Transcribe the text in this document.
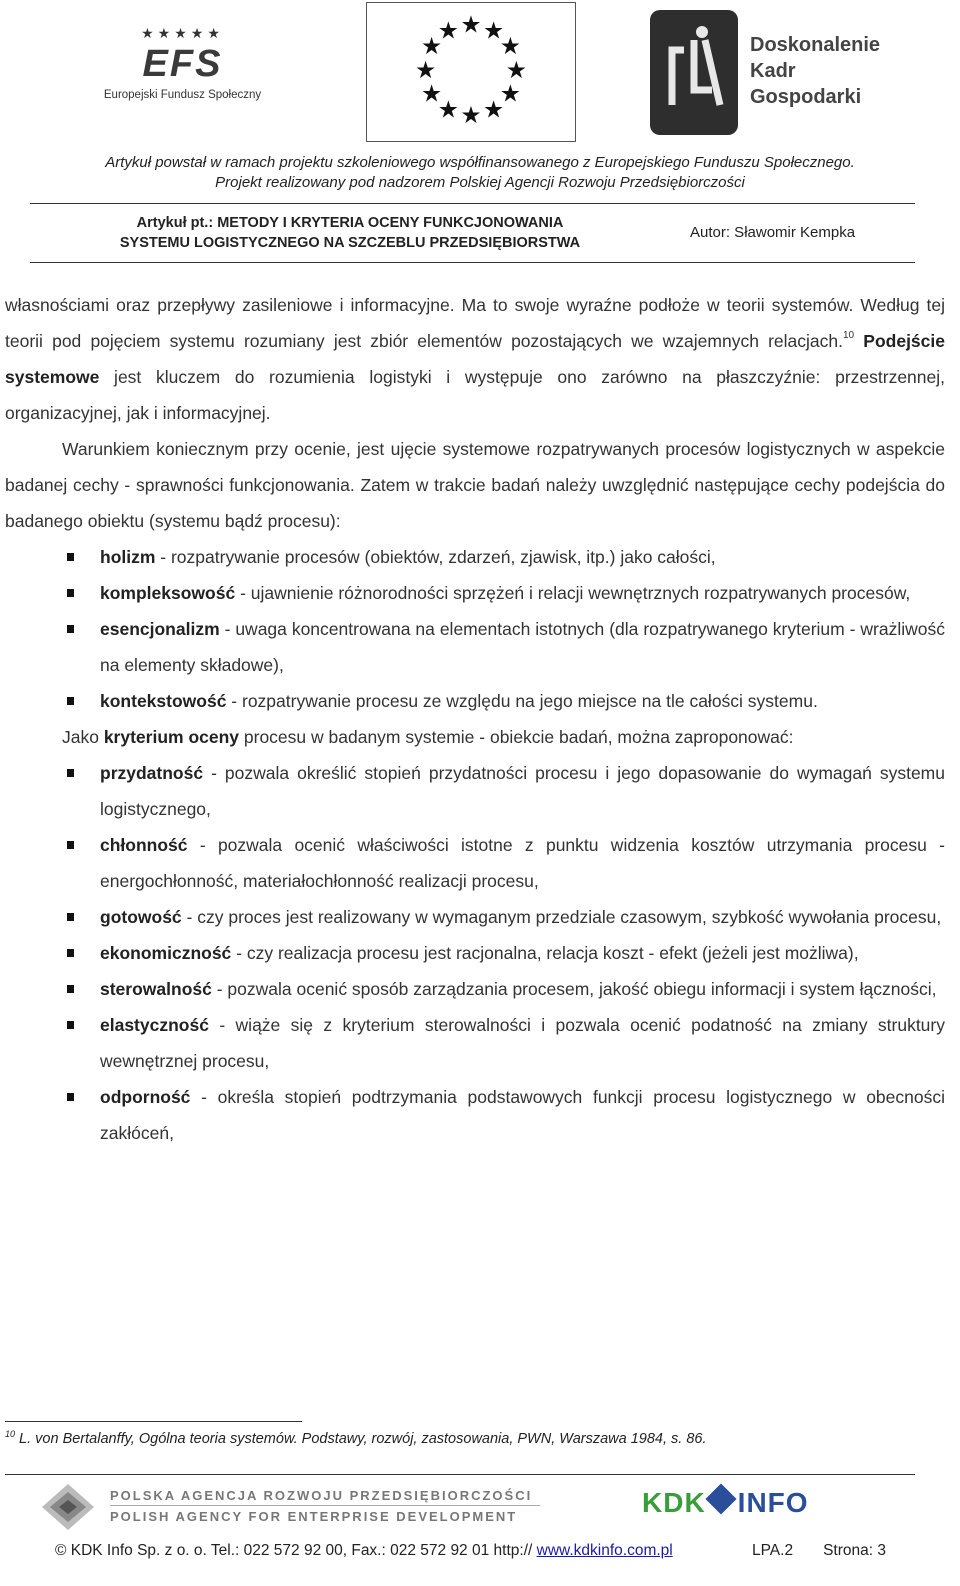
★★★★★
EFS
Europejski Fundusz Społeczny
★ ★
★
★
★
★
★
★
★
★
★
★
Doskonalenie
Kadr
Gospodarki
Artykuł powstał w ramach projektu szkoleniowego współfinansowanego z Europejskiego Funduszu Społecznego.
Projekt realizowany pod nadzorem Polskiej Agencji Rozwoju Przedsiębiorczości
Artykuł pt.: METODY I KRYTERIA OCENY FUNKCJONOWANIA
SYSTEMU LOGISTYCZNEGO NA SZCZEBLU PRZEDSIĘBIORSTWA
Autor: Sławomir Kempka

własnościami oraz przepływy zasileniowe i informacyjne. Ma to swoje wyraźne podłoże w teorii systemów. Według tej teorii pod pojęciem systemu rozumiany jest zbiór elementów pozostających we wzajemnych relacjach.$^{10}$ Podejście systemowe jest kluczem do rozumienia logistyki i występuje ono zarówno na płaszczyźnie: przestrzennej, organizacyjnej, jak i informacyjnej.

Warunkiem koniecznym przy ocenie, jest ujęcie systemowe rozpatrywanych procesów logistycznych w aspekcie badanej cechy - sprawności funkcjonowania. Zatem w trakcie badań należy uwzględnić następujące cechy podejścia do badanego obiektu (systemu bądź procesu):

holizm - rozpatrywanie procesów (obiektów, zdarzeń, zjawisk, itp.) jako całości,
kompleksowość - ujawnienie różnorodności sprzężeń i relacji wewnętrznych rozpatrywanych procesów,
esencjonalizm - uwaga koncentrowana na elementach istotnych (dla rozpatrywanego kryterium - wrażliwość na elementy składowe),
kontekstowość - rozpatrywanie procesu ze względu na jego miejsce na tle całości systemu.

Jako kryterium oceny procesu w badanym systemie - obiekcie badań, można zaproponować:

przydatność - pozwala określić stopień przydatności procesu i jego dopasowanie do wymagań systemu logistycznego,
chłonność - pozwala ocenić właściwości istotne z punktu widzenia kosztów utrzymania procesu - energochłonność, materiałochłonność realizacji procesu,
gotowość - czy proces jest realizowany w wymaganym przedziale czasowym, szybkość wywołania procesu,
ekonomiczność - czy realizacja procesu jest racjonalna, relacja koszt - efekt (jeżeli jest możliwa),
sterowalność - pozwala ocenić sposób zarządzania procesem, jakość obiegu informacji i system łączności,
elastyczność - wiąże się z kryterium sterowalności i pozwala ocenić podatność na zmiany struktury wewnętrznej procesu,
odporność - określa stopień podtrzymania podstawowych funkcji procesu logistycznego w obecności zakłóceń,
$^{10}$ L. von Bertalanffy, Ogólna teoria systemów. Podstawy, rozwój, zastosowania, PWN, Warszawa 1984, s. 86.
POLSKA AGENCJA ROZWOJU PRZEDSIĘBIORCZOŚCI
POLISH AGENCY FOR ENTERPRISE DEVELOPMENT	KDK INFO
© KDK Info Sp. z o. o. Tel.: 022 572 92 00, Fax.: 022 572 92 01 http:// www.kdkinfo.com.pl	LPA.2 Strona: 3
